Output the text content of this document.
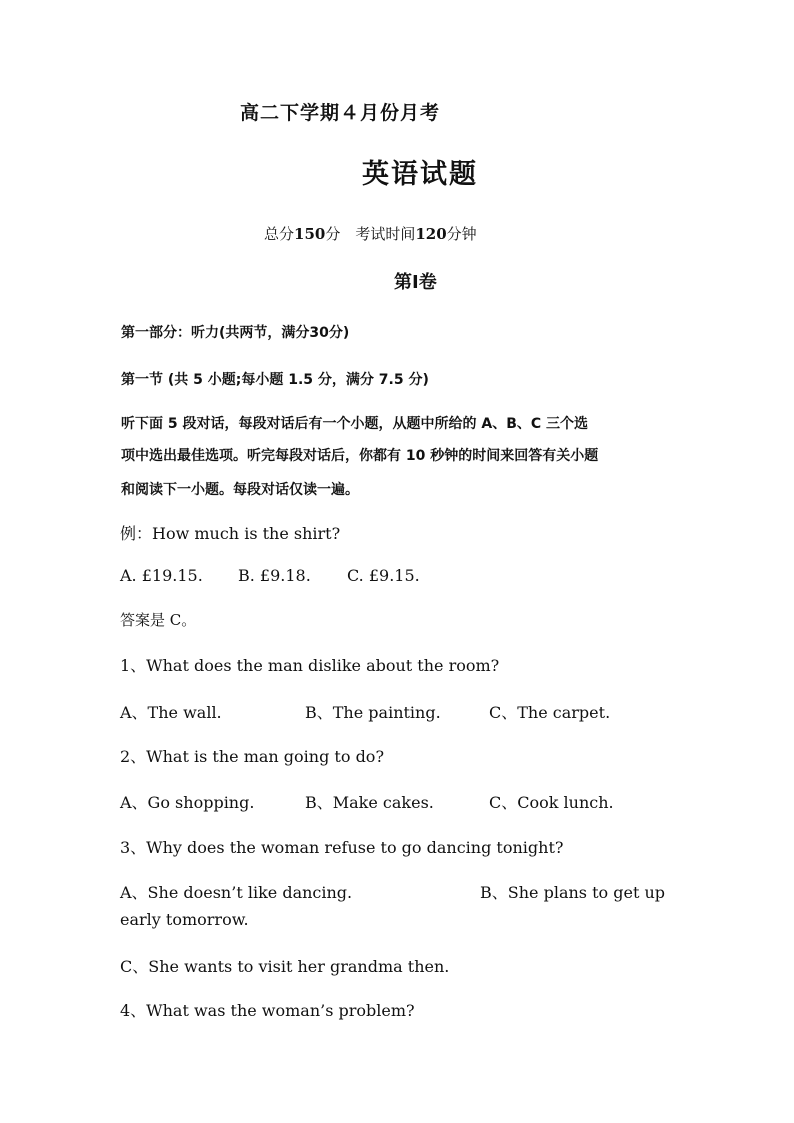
高二下学期４月份月考
英语试题
总分150分　考试时间120分钟
第Ⅰ卷
第一部分：听力(共两节，满分30分)
第一节 (共 5 小题;每小题 1.5 分，满分 7.5 分)
听下面 5 段对话，每段对话后有一个小题，从题中所给的 A、B、C 三个选
项中选出最佳选项。听完每段对话后，你都有 10 秒钟的时间来回答有关小题
和阅读下一小题。每段对话仅读一遍。
例：How much is the shirt?
A. £19.15. B. £9.18. C. £9.15.
答案是 C。
1、What does the man dislike about the room?
A、The wall.	B、The painting.	C、The carpet.
2、What is the man going to do?
A、Go shopping.	B、Make cakes.	C、Cook lunch.
3、Why does the woman refuse to go dancing tonight?
A、She doesn’t like dancing.	B、She plans to get up
early tomorrow.
C、She wants to visit her grandma then.
4、What was the woman’s problem?
